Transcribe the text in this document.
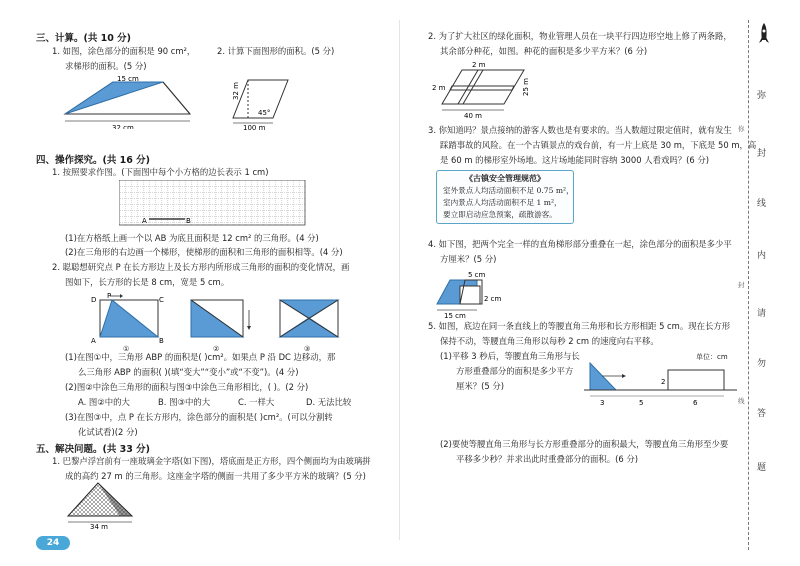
三、计算。(共 10 分)
1. 如图，涂色部分的面积是 90 cm²，
求梯形的面积。(5 分)
15 cm
32 cm
2. 计算下面图形的面积。(5 分)
32 m
45°
100 m
四、操作探究。(共 16 分)
1. 按照要求作图。(下面图中每个小方格的边长表示 1 cm)
A	B
(1)在方格纸上画一个以 AB 为底且面积是 12 cm² 的三角形。(4 分)
(2)在三角形的右边画一个梯形，使梯形的面积和三角形的面积相等。(4 分)
2. 聪聪想研究点 P 在长方形边上及长方形内所形成三角形的面积的变化情况，画
图如下，长方形的长是 8 cm，宽是 5 cm。
D P	C
A	B
①	②	③
(1)在图①中，三角形 ABP 的面积是( )cm²。如果点 P 沿 DC 边移动，那
么三角形 ABP 的面积( )(填“变大”“变小”或“不变”)。(4 分)
(2)图②中涂色三角形的面积与图③中涂色三角形相比，( )。(2 分)
A. 图②中的大	B. 图③中的大	C. 一样大	D. 无法比较
(3)在图③中，点 P 在长方形内，涂色部分的面积是( )cm²。(可以分割转
化试试看)(2 分)
五、解决问题。(共 33 分)
1. 巴黎卢浮宫前有一座玻璃金字塔(如下图)，塔底面是正方形，四个侧面均为由玻璃拼
成的高约 27 m 的三角形。这座金字塔的侧面一共用了多少平方米的玻璃？(5 分)
34 m
24
2. 为了扩大社区的绿化面积，物业管理人员在一块平行四边形空地上修了两条路，
其余部分种花，如图。种花的面积是多少平方米？(6 分)
2 m
2 m	25 m
40 m
3. 你知道吗？景点接纳的游客人数也是有要求的。当人数超过限定值时，就有发生
踩踏事故的风险。在一个古镇景点的戏台前，有一片上底是 30 m，下底是 50 m，高
是 60 m 的梯形室外场地。这片场地能同时容纳 3000 人看戏吗？(6 分)
《古镇安全管理规范》
室外景点人均活动面积不足 0.75 m²，
室内景点人均活动面积不足 1 m²，
要立即启动应急预案，疏散游客。
4. 如下图，把两个完全一样的直角梯形部分重叠在一起，涂色部分的面积是多少平
方厘米？(5 分)
5 cm
2 cm
15 cm
5. 如图，底边在同一条直线上的等腰直角三角形和长方形相距 5 cm。现在长方形
保持不动，等腰直角三角形以每秒 2 cm 的速度向右平移。
(1)平移 3 秒后，等腰直角三角形与长
方形重叠部分的面积是多少平方
厘米？(5 分)
单位：cm
3	5
2
6
(2)要使等腰直角三角形与长方形重叠部分的面积最大，等腰直角三角形至少要
平移多少秒？并求出此时重叠部分的面积。(6 分)
弥
封
线
内
请
勿
答
题
你
封
线
